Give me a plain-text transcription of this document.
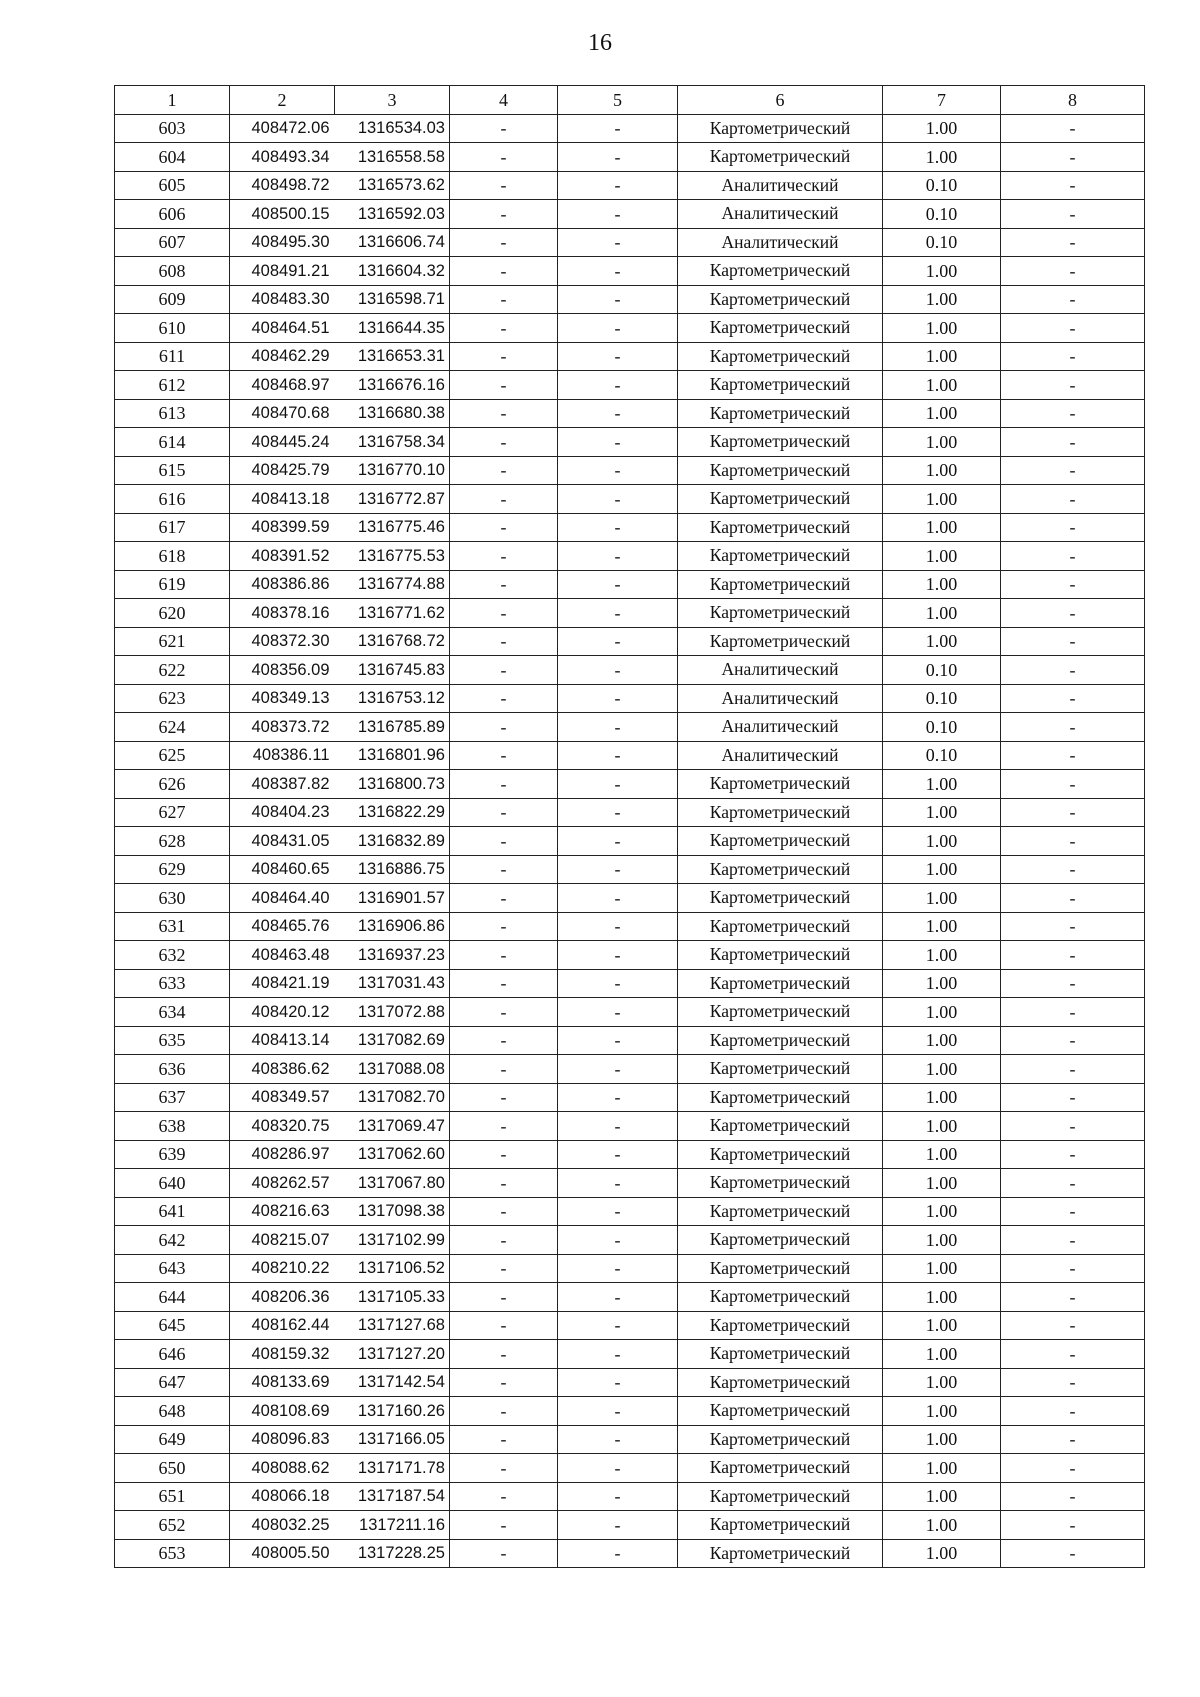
16
1	2	3	4	5	6	7	8
603	408472.06	1316534.03	-	-	Картометрический	1.00	-
604	408493.34	1316558.58	-	-	Картометрический	1.00	-
605	408498.72	1316573.62	-	-	Аналитический	0.10	-
606	408500.15	1316592.03	-	-	Аналитический	0.10	-
607	408495.30	1316606.74	-	-	Аналитический	0.10	-
608	408491.21	1316604.32	-	-	Картометрический	1.00	-
609	408483.30	1316598.71	-	-	Картометрический	1.00	-
610	408464.51	1316644.35	-	-	Картометрический	1.00	-
611	408462.29	1316653.31	-	-	Картометрический	1.00	-
612	408468.97	1316676.16	-	-	Картометрический	1.00	-
613	408470.68	1316680.38	-	-	Картометрический	1.00	-
614	408445.24	1316758.34	-	-	Картометрический	1.00	-
615	408425.79	1316770.10	-	-	Картометрический	1.00	-
616	408413.18	1316772.87	-	-	Картометрический	1.00	-
617	408399.59	1316775.46	-	-	Картометрический	1.00	-
618	408391.52	1316775.53	-	-	Картометрический	1.00	-
619	408386.86	1316774.88	-	-	Картометрический	1.00	-
620	408378.16	1316771.62	-	-	Картометрический	1.00	-
621	408372.30	1316768.72	-	-	Картометрический	1.00	-
622	408356.09	1316745.83	-	-	Аналитический	0.10	-
623	408349.13	1316753.12	-	-	Аналитический	0.10	-
624	408373.72	1316785.89	-	-	Аналитический	0.10	-
625	408386.11	1316801.96	-	-	Аналитический	0.10	-
626	408387.82	1316800.73	-	-	Картометрический	1.00	-
627	408404.23	1316822.29	-	-	Картометрический	1.00	-
628	408431.05	1316832.89	-	-	Картометрический	1.00	-
629	408460.65	1316886.75	-	-	Картометрический	1.00	-
630	408464.40	1316901.57	-	-	Картометрический	1.00	-
631	408465.76	1316906.86	-	-	Картометрический	1.00	-
632	408463.48	1316937.23	-	-	Картометрический	1.00	-
633	408421.19	1317031.43	-	-	Картометрический	1.00	-
634	408420.12	1317072.88	-	-	Картометрический	1.00	-
635	408413.14	1317082.69	-	-	Картометрический	1.00	-
636	408386.62	1317088.08	-	-	Картометрический	1.00	-
637	408349.57	1317082.70	-	-	Картометрический	1.00	-
638	408320.75	1317069.47	-	-	Картометрический	1.00	-
639	408286.97	1317062.60	-	-	Картометрический	1.00	-
640	408262.57	1317067.80	-	-	Картометрический	1.00	-
641	408216.63	1317098.38	-	-	Картометрический	1.00	-
642	408215.07	1317102.99	-	-	Картометрический	1.00	-
643	408210.22	1317106.52	-	-	Картометрический	1.00	-
644	408206.36	1317105.33	-	-	Картометрический	1.00	-
645	408162.44	1317127.68	-	-	Картометрический	1.00	-
646	408159.32	1317127.20	-	-	Картометрический	1.00	-
647	408133.69	1317142.54	-	-	Картометрический	1.00	-
648	408108.69	1317160.26	-	-	Картометрический	1.00	-
649	408096.83	1317166.05	-	-	Картометрический	1.00	-
650	408088.62	1317171.78	-	-	Картометрический	1.00	-
651	408066.18	1317187.54	-	-	Картометрический	1.00	-
652	408032.25	1317211.16	-	-	Картометрический	1.00	-
653	408005.50	1317228.25	-	-	Картометрический	1.00	-
